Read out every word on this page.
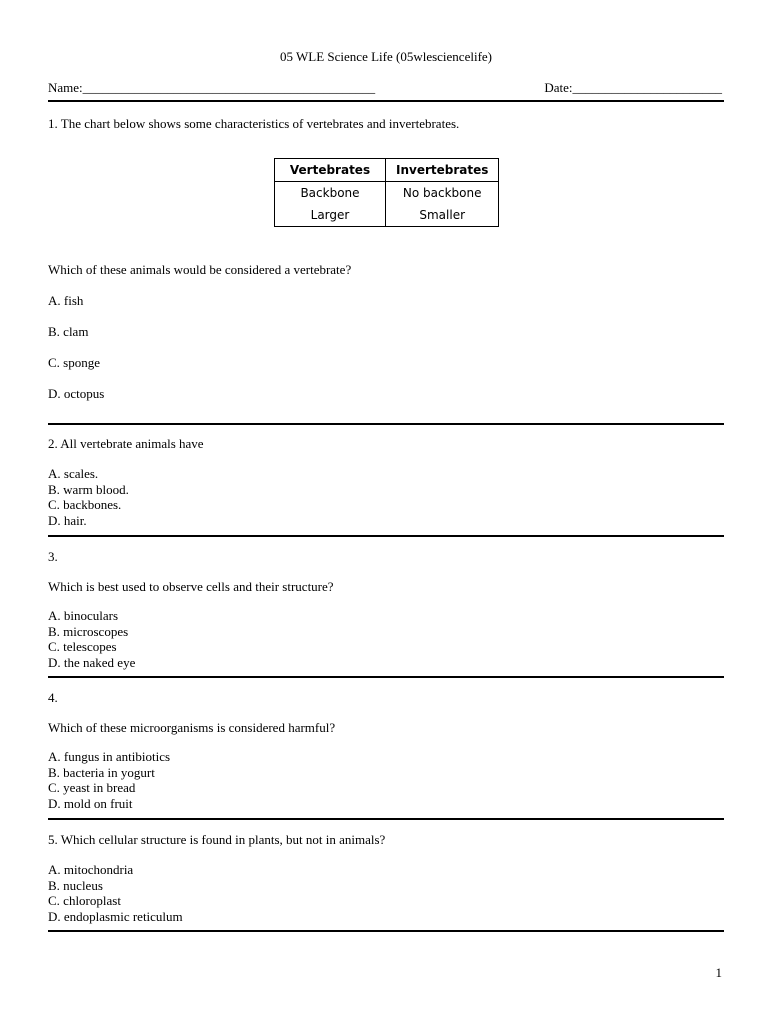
05 WLE Science Life (05wlesciencelife)
Name:_____________________________________________	Date:_______________________
1. The chart below shows some characteristics of vertebrates and invertebrates.
Vertebrates	Invertebrates
Backbone	No backbone
Larger	Smaller
Which of these animals would be considered a vertebrate?
A. fish
B. clam
C. sponge
D. octopus
2. All vertebrate animals have
A. scales.
B. warm blood.
C. backbones.
D. hair.
3.
Which is best used to observe cells and their structure?
A. binoculars
B. microscopes
C. telescopes
D. the naked eye
4.
Which of these microorganisms is considered harmful?
A. fungus in antibiotics
B. bacteria in yogurt
C. yeast in bread
D. mold on fruit
5. Which cellular structure is found in plants, but not in animals?
A. mitochondria
B. nucleus
C. chloroplast
D. endoplasmic reticulum
1
